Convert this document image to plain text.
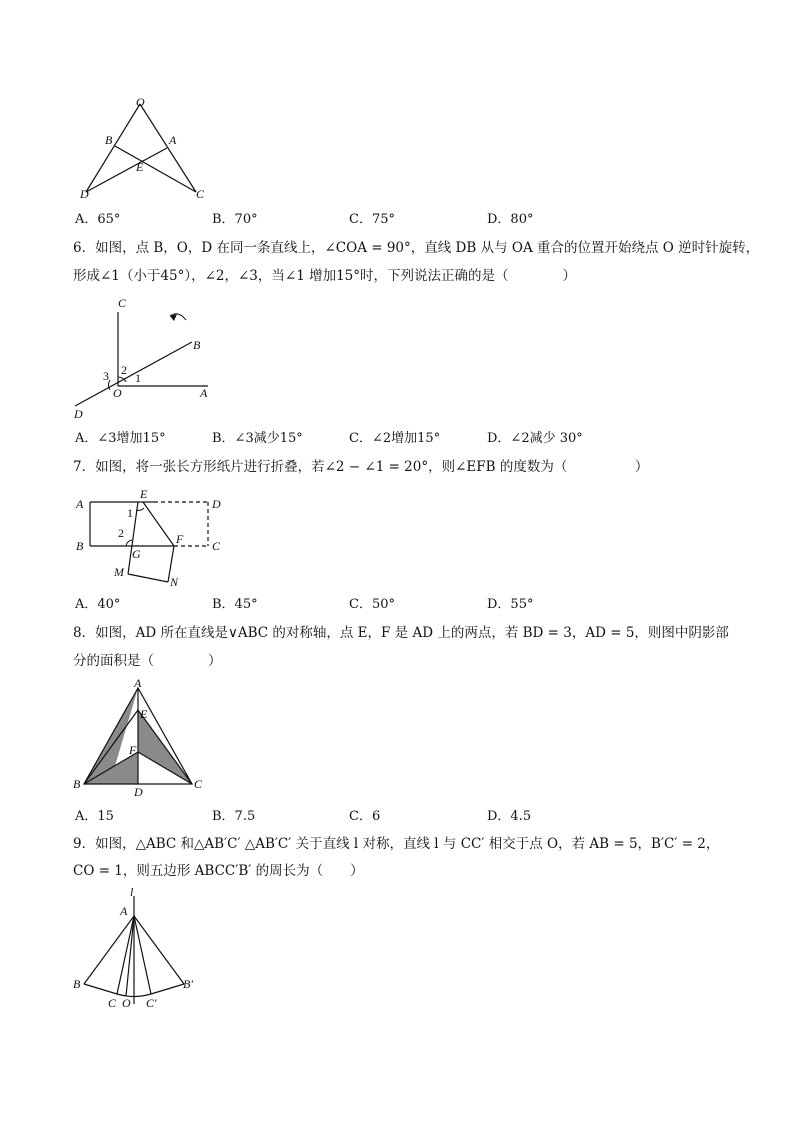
O
B	A
E
D	C
A．65°	B．70°	C．75°	D．80°
6．如图，点 B，O，D 在同一条直线上，∠COA = 90°，直线 DB 从与 OA 重合的位置开始绕点 O 逆时针旋转，
形成∠1（小于45°），∠2，∠3，当∠1 增加15°时，下列说法正确的是（　　　　）
C
B
3 2
1
O	A
D
A．∠3增加15°	B．∠3减少15°	C．∠2增加15°	D．∠2减少 30°
7．如图，将一张长方形纸片进行折叠，若∠2 − ∠1 = 20°，则∠EFB 的度数为（　　　　　）
A
E
D
1
2
B
G
F C
M
N
A．40°	B．45°	C．50°	D．55°
8．如图，AD 所在直线是∨ABC 的对称轴，点 E，F 是 AD 上的两点，若 BD = 3，AD = 5，则图中阴影部
分的面积是（　　　　）
A
E
F
B
D
C
A．15	B．7.5	C．6	D．4.5
9．如图，△ABC 和△AB′C′ △AB′C′ 关于直线 l 对称，直线 l 与 CC′ 相交于点 O，若 AB = 5，B′C′ = 2，
CO = 1，则五边形 ABCC′B′ 的周长为（　　）
l
A
B	B′
C O C′
